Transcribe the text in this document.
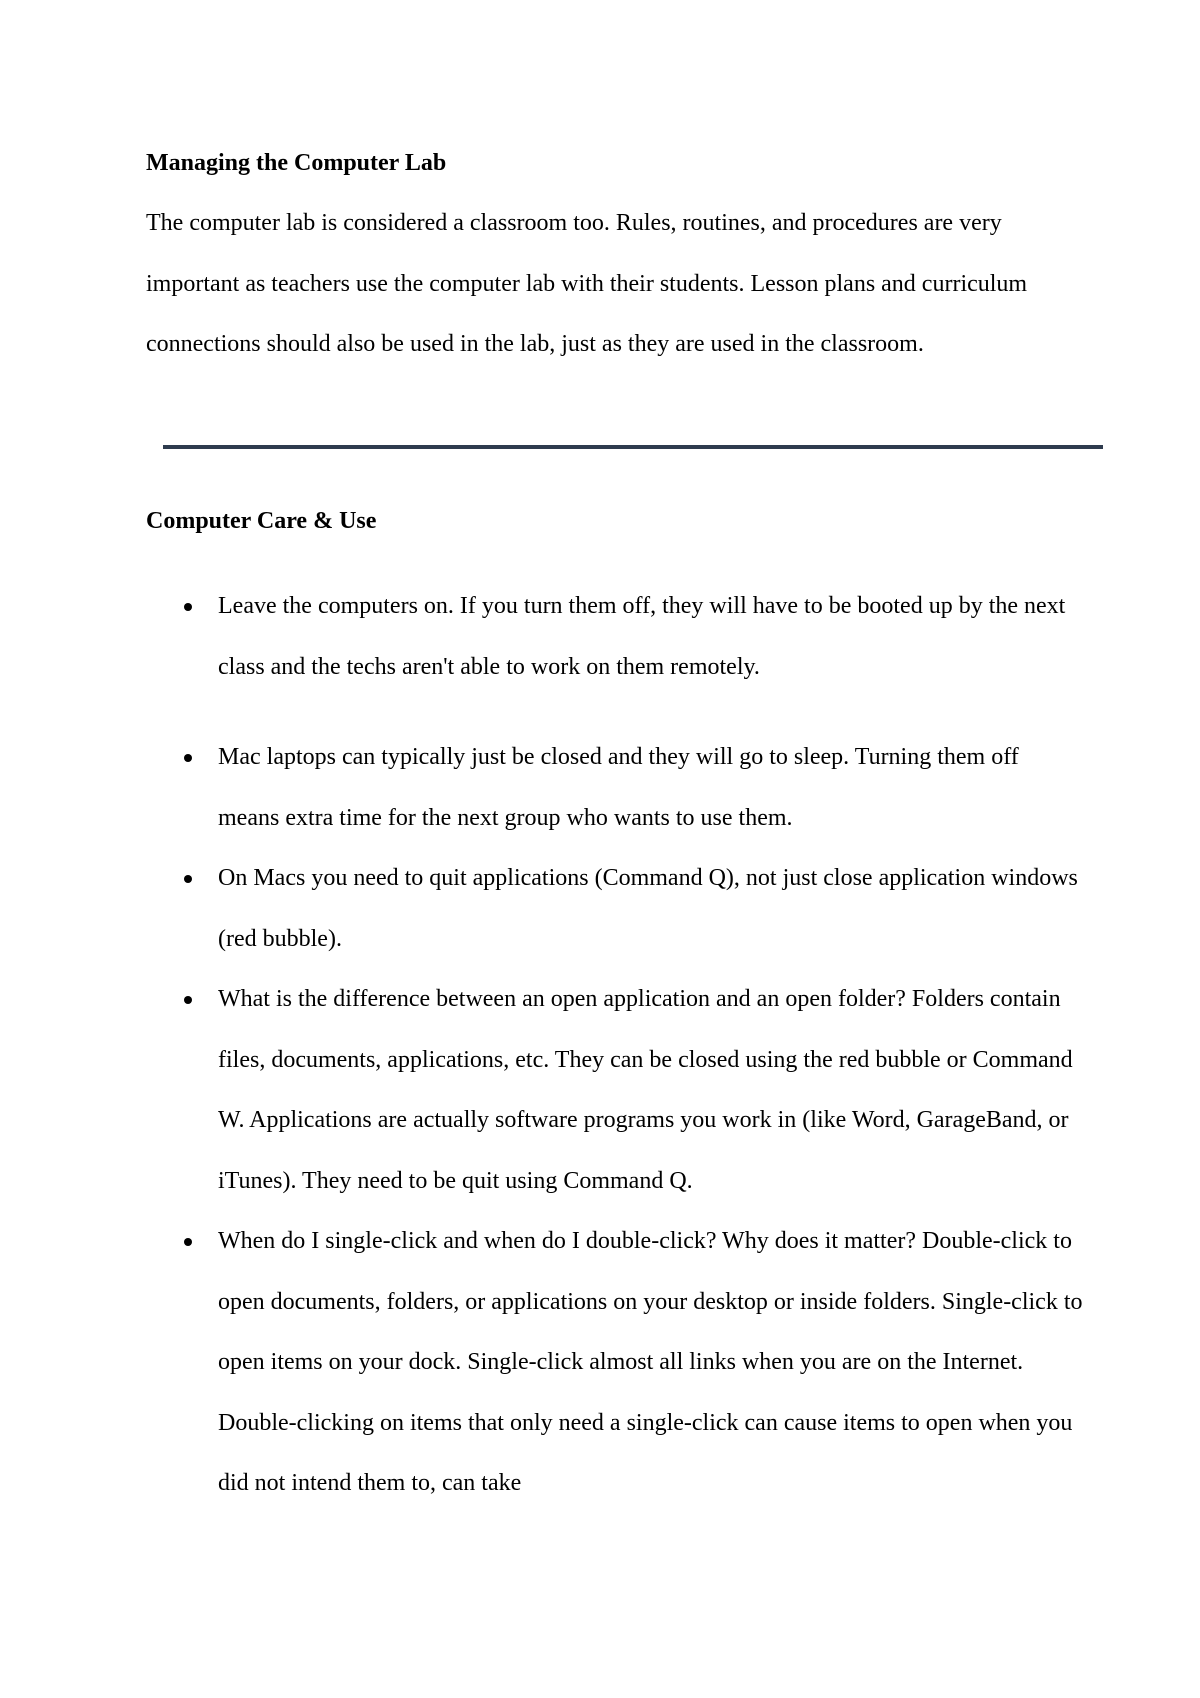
Managing the Computer Lab

The computer lab is considered a classroom too. Rules, routines, and procedures are very important as teachers use the computer lab with their students. Lesson plans and curriculum connections should also be used in the lab, just as they are used in the classroom.

Computer Care & Use
Leave the computers on. If you turn them off, they will have to be booted up by the next class and the techs aren't able to work on them remotely.
Mac laptops can typically just be closed and they will go to sleep. Turning them off means extra time for the next group who wants to use them.
On Macs you need to quit applications (Command Q), not just close application windows (red bubble).
What is the difference between an open application and an open folder? Folders contain files, documents, applications, etc. They can be closed using the red bubble or Command W. Applications are actually software programs you work in (like Word, GarageBand, or iTunes). They need to be quit using Command Q.
When do I single-click and when do I double-click? Why does it matter? Double-click to open documents, folders, or applications on your desktop or inside folders. Single-click to open items on your dock. Single-click almost all links when you are on the Internet. Double-clicking on items that only need a single-click can cause items to open when you did not intend them to, can take
